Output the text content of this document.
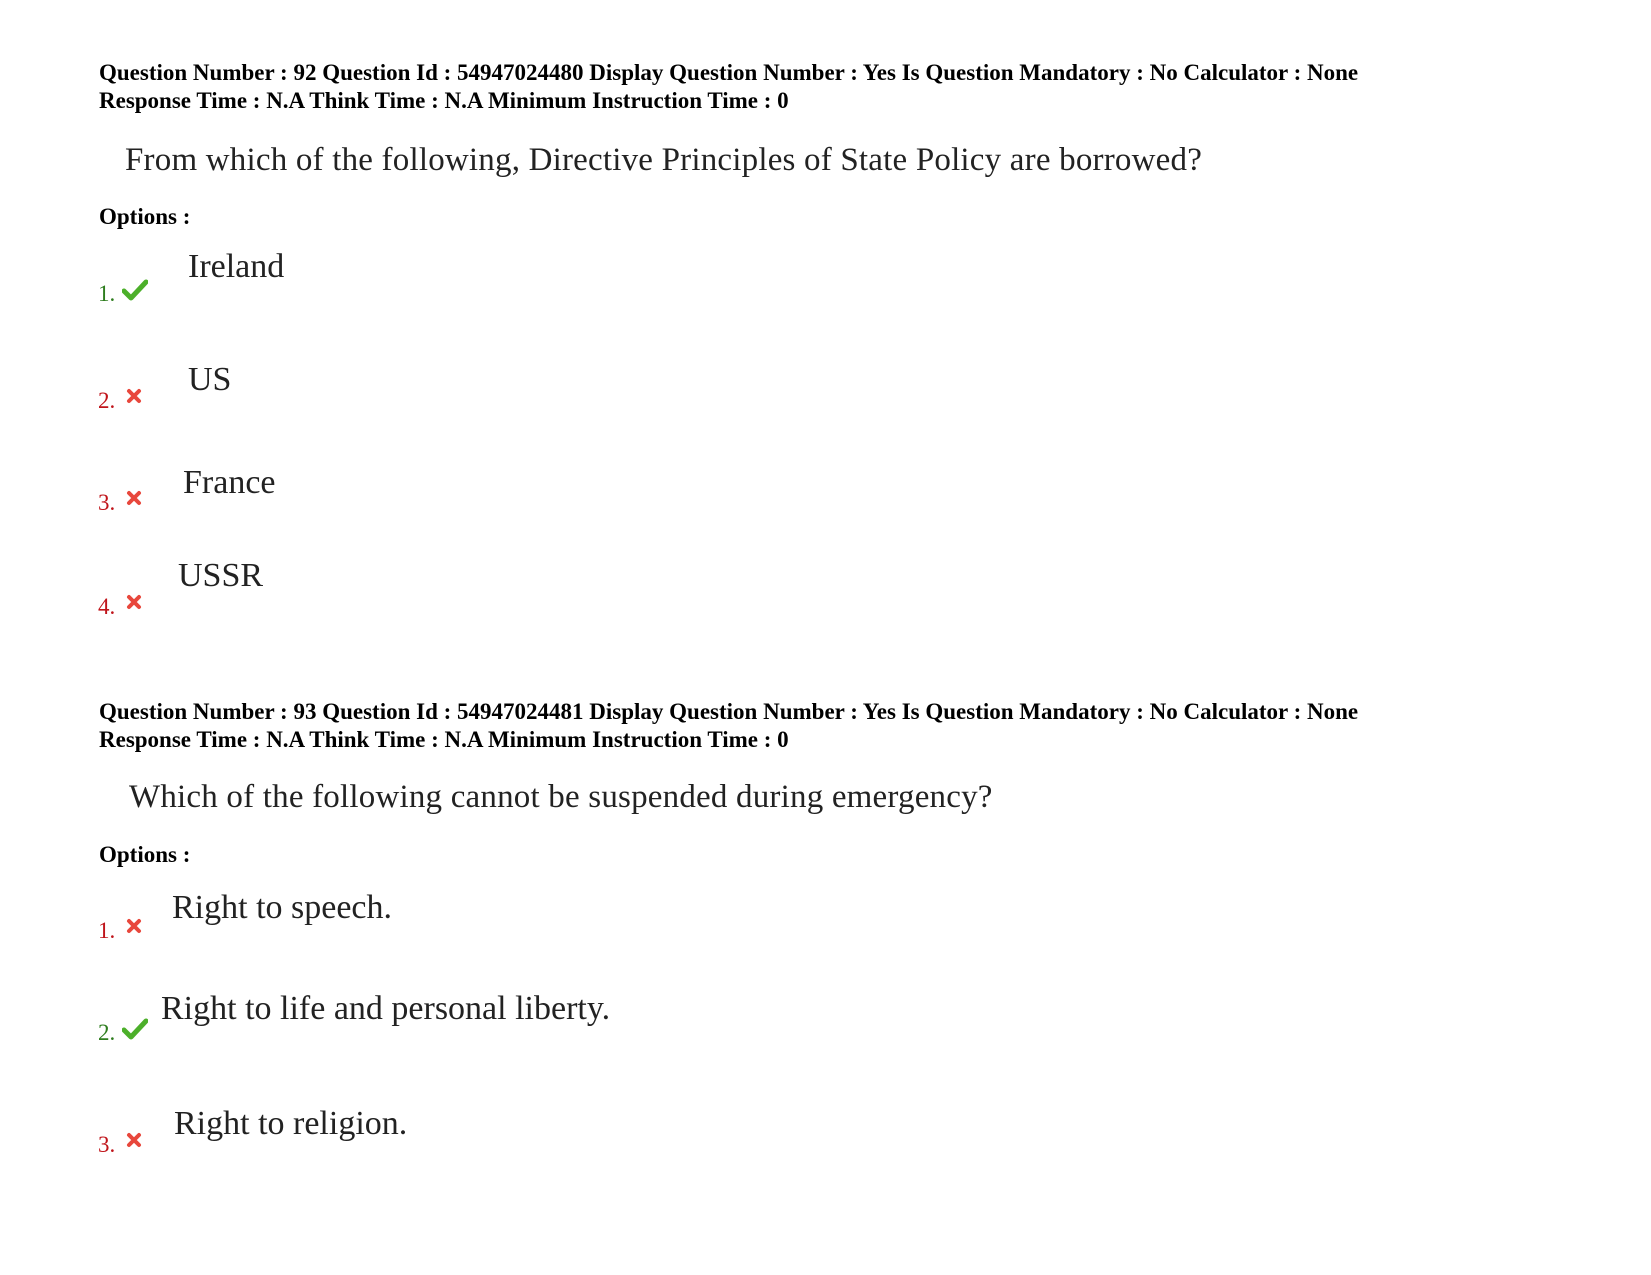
Question Number : 92 Question Id : 54947024480 Display Question Number : Yes Is Question Mandatory : No Calculator : None
Response Time : N.A Think Time : N.A Minimum Instruction Time : 0
From which of the following, Directive Principles of State Policy are borrowed?
Options :
1.
Ireland
2.
US
3.
France
4.
USSR
Question Number : 93 Question Id : 54947024481 Display Question Number : Yes Is Question Mandatory : No Calculator : None
Response Time : N.A Think Time : N.A Minimum Instruction Time : 0
Which of the following cannot be suspended during emergency?
Options :
1.
Right to speech.
2.
Right to life and personal liberty.
3.
Right to religion.
